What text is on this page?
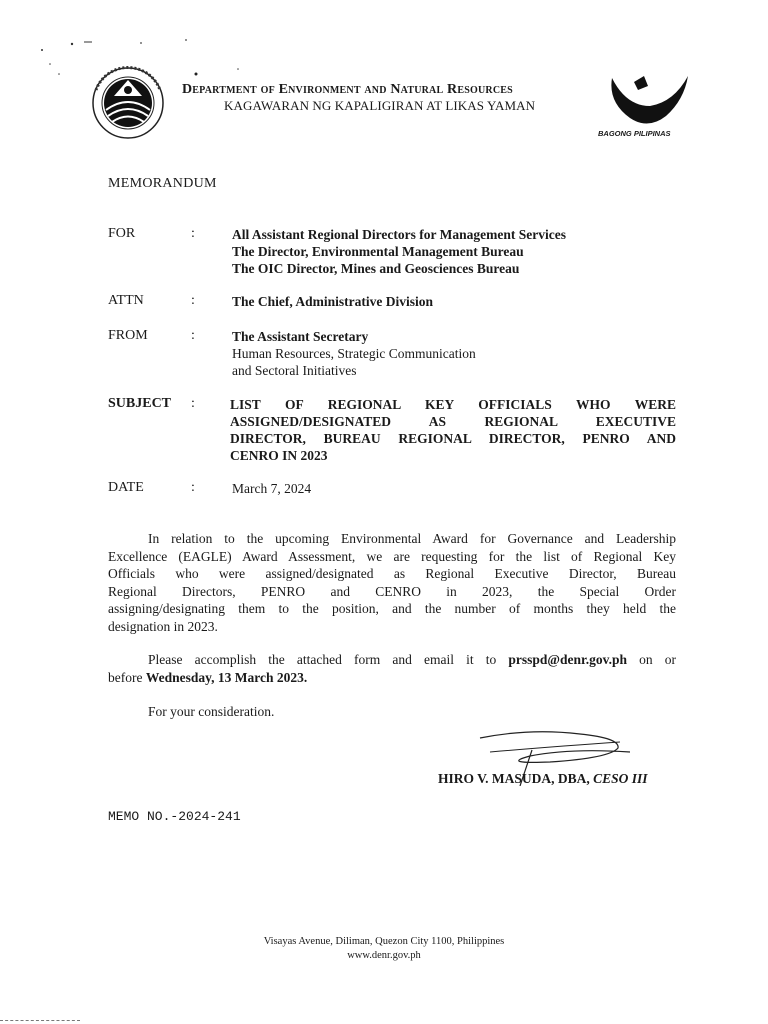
Department of Environment and Natural Resources
KAGAWARAN NG KAPALIGIRAN AT LIKAS YAMAN
BAGONG PILIPINAS
MEMORANDUM
FOR	:	All Assistant Regional Directors for Management Services
The Director, Environmental Management Bureau
The OIC Director, Mines and Geosciences Bureau
ATTN	:	The Chief, Administrative Division
FROM	:	The Assistant Secretary
Human Resources, Strategic Communication
and Sectoral Initiatives
SUBJECT :	LIST OF REGIONAL KEY OFFICIALS WHO WERE
ASSIGNED/DESIGNATED AS REGIONAL EXECUTIVE
DIRECTOR, BUREAU REGIONAL DIRECTOR, PENRO AND
CENRO IN 2023
DATE	:	March 7, 2024
In relation to the upcoming Environmental Award for Governance and Leadership
Excellence (EAGLE) Award Assessment, we are requesting for the list of Regional Key
Officials who were assigned/designated as Regional Executive Director, Bureau
Regional Directors, PENRO and CENRO in 2023, the Special Order
assigning/designating them to the position, and the number of months they held the
designation in 2023.
Please accomplish the attached form and email it to prsspd@denr.gov.ph on or
before Wednesday, 13 March 2023.
For your consideration.
HIRO V. MASUDA, DBA, CESO III
MEMO NO.-2024-241
Visayas Avenue, Diliman, Quezon City 1100, Philippines
www.denr.gov.ph
